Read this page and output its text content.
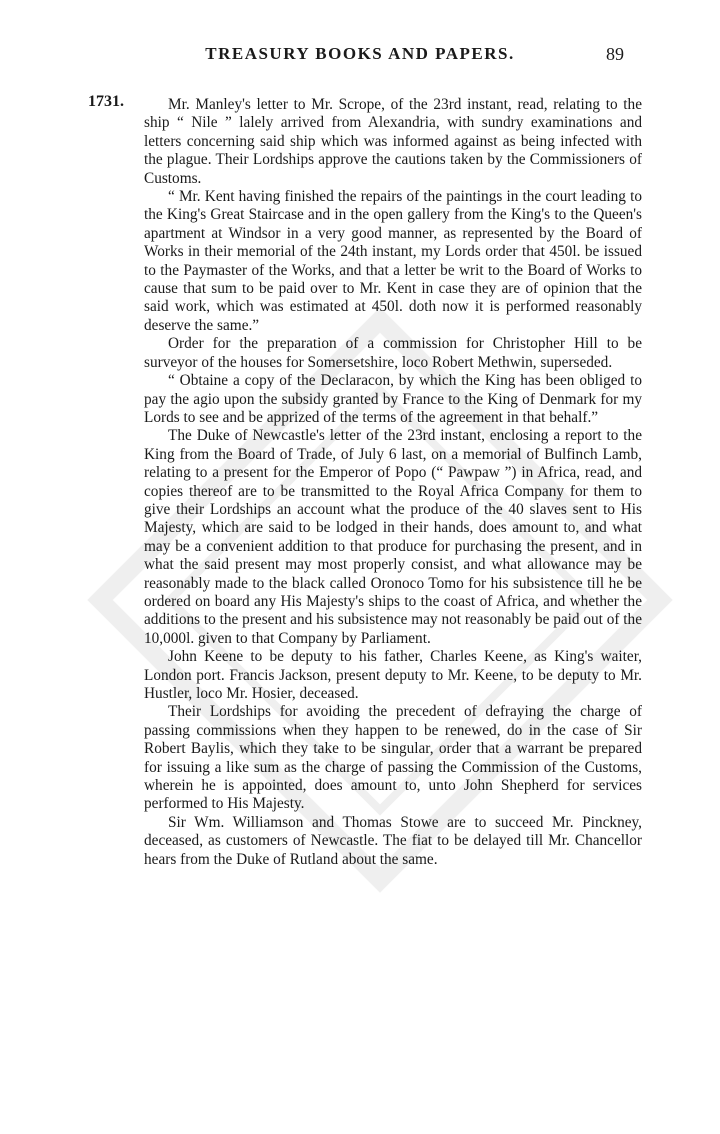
TREASURY BOOKS AND PAPERS.	89
1731.	Mr. Manley's letter to Mr. Scrope, of the 23rd instant, read, relating to the ship “ Nile ” lalely arrived from Alexandria, with sundry examinations and letters concerning said ship which was informed against as being infected with the plague. Their Lordships approve the cautions taken by the Commissioners of Customs.

“ Mr. Kent having finished the repairs of the paintings in the court leading to the King's Great Staircase and in the open gallery from the King's to the Queen's apartment at Windsor in a very good manner, as represented by the Board of Works in their memorial of the 24th instant, my Lords order that 450l. be issued to the Paymaster of the Works, and that a letter be writ to the Board of Works to cause that sum to be paid over to Mr. Kent in case they are of opinion that the said work, which was estimated at 450l. doth now it is performed reasonably deserve the same.”

Order for the preparation of a commission for Christopher Hill to be surveyor of the houses for Somersetshire, loco Robert Methwin, superseded.

“ Obtaine a copy of the Declaracon, by which the King has been obliged to pay the agio upon the subsidy granted by France to the King of Denmark for my Lords to see and be apprized of the terms of the agreement in that behalf.”

The Duke of Newcastle's letter of the 23rd instant, enclosing a report to the King from the Board of Trade, of July 6 last, on a memorial of Bulfinch Lamb, relating to a present for the Emperor of Popo (“ Pawpaw ”) in Africa, read, and copies thereof are to be transmitted to the Royal Africa Company for them to give their Lordships an account what the produce of the 40 slaves sent to His Majesty, which are said to be lodged in their hands, does amount to, and what may be a convenient addition to that produce for purchasing the present, and in what the said present may most properly consist, and what allowance may be reasonably made to the black called Oronoco Tomo for his subsistence till he be ordered on board any His Majesty's ships to the coast of Africa, and whether the additions to the present and his subsistence may not reasonably be paid out of the 10,000l. given to that Company by Parliament.

John Keene to be deputy to his father, Charles Keene, as King's waiter, London port. Francis Jackson, present deputy to Mr. Keene, to be deputy to Mr. Hustler, loco Mr. Hosier, deceased.

Their Lordships for avoiding the precedent of defraying the charge of passing commissions when they happen to be renewed, do in the case of Sir Robert Baylis, which they take to be singular, order that a warrant be prepared for issuing a like sum as the charge of passing the Commission of the Customs, wherein he is appointed, does amount to, unto John Shepherd for services performed to His Majesty.

Sir Wm. Williamson and Thomas Stowe are to succeed Mr. Pinckney, deceased, as customers of Newcastle. The fiat to be delayed till Mr. Chancellor hears from the Duke of Rutland about the same.
